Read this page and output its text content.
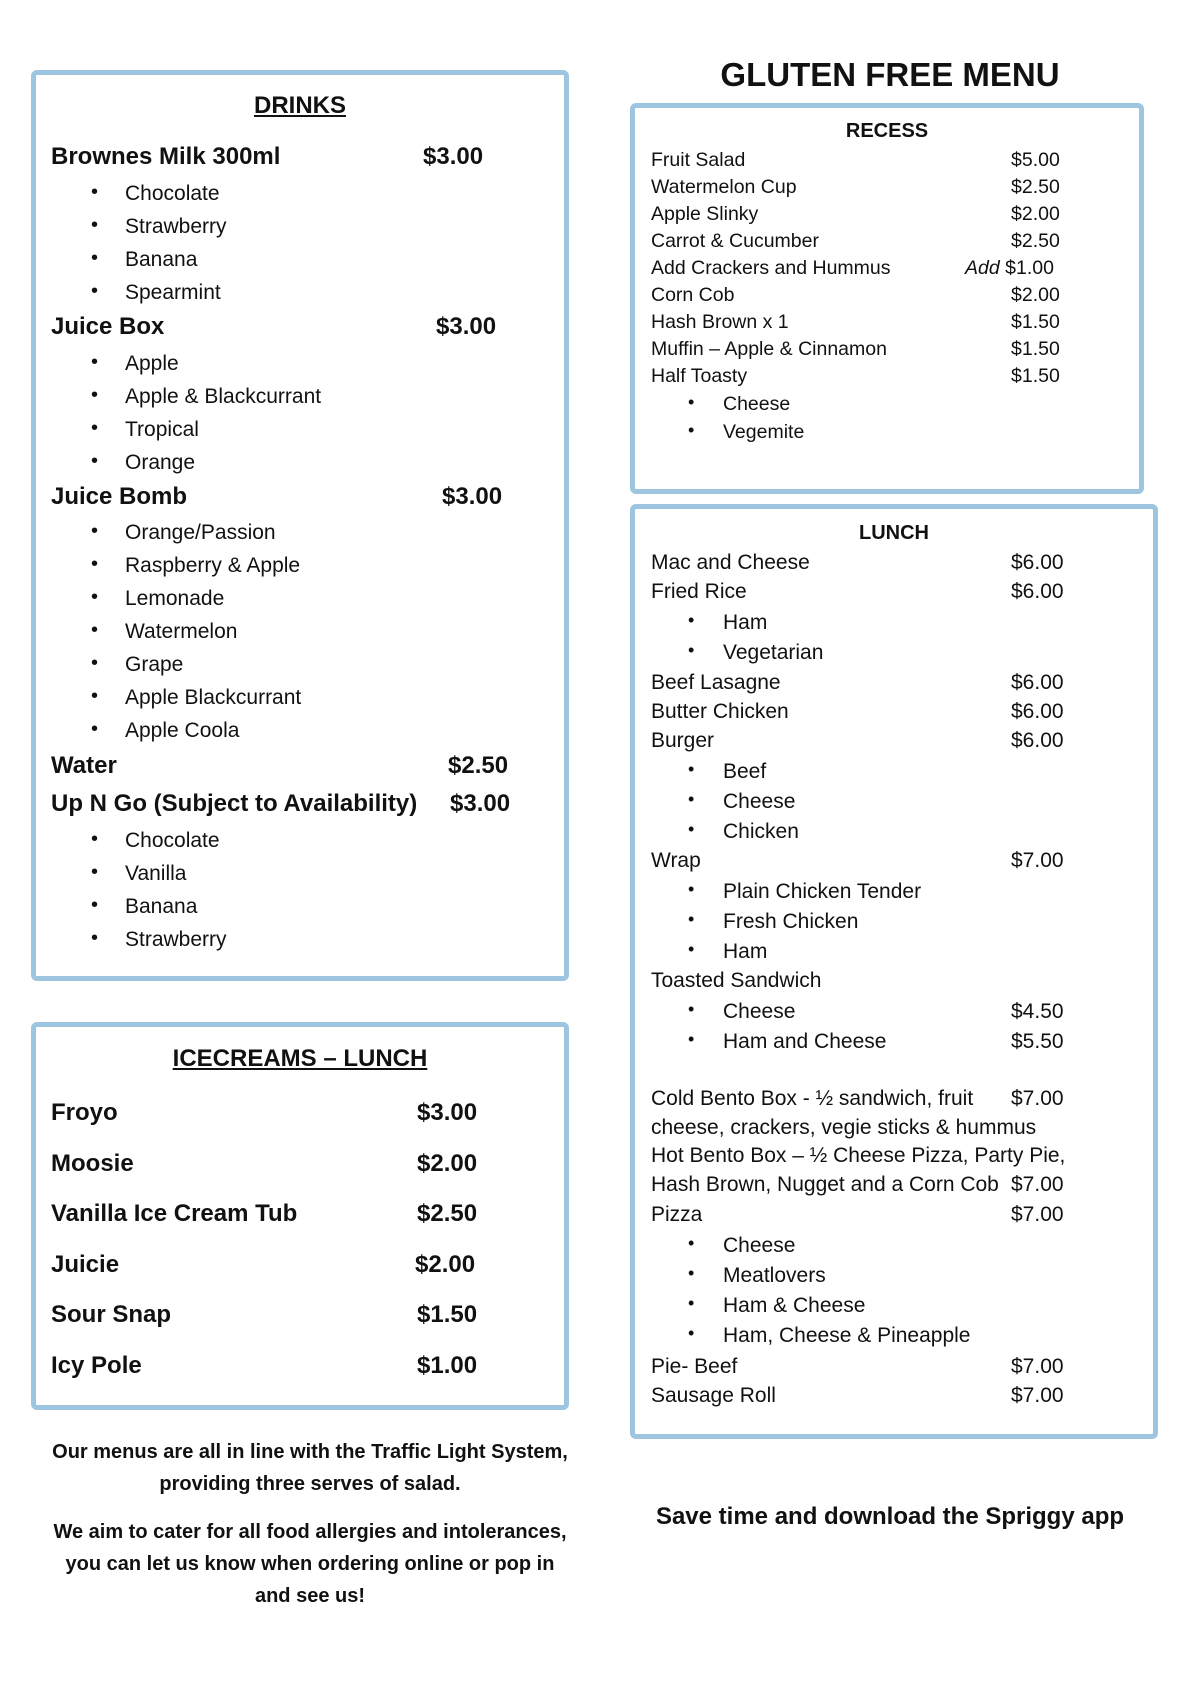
DRINKS
Brownes Milk 300ml	$3.00
• Chocolate
• Strawberry
• Banana
• Spearmint
Juice Box	$3.00
• Apple
• Apple & Blackcurrant
• Tropical
• Orange
Juice Bomb	$3.00
• Orange/Passion
• Raspberry & Apple
• Lemonade
• Watermelon
• Grape
• Apple Blackcurrant
• Apple Coola
Water	$2.50
Up N Go (Subject to Availability) $3.00
• Chocolate
• Vanilla
• Banana
• Strawberry
ICECREAMS – LUNCH
Froyo	$3.00
Moosie	$2.00
Vanilla Ice Cream Tub	$2.50
Juicie	$2.00
Sour Snap	$1.50
Icy Pole	$1.00
Our menus are all in line with the Traffic Light System,
providing three serves of salad.
We aim to cater for all food allergies and intolerances,
you can let us know when ordering online or pop in
and see us!
GLUTEN FREE MENU
RECESS
Fruit Salad	$5.00
Watermelon Cup	$2.50
Apple Slinky	$2.00
Carrot & Cucumber	$2.50
Add Crackers and Hummus	Add $1.00
Corn Cob	$2.00
Hash Brown x 1	$1.50
Muffin – Apple & Cinnamon	$1.50
Half Toasty	$1.50
• Cheese
• Vegemite
LUNCH
Mac and Cheese	$6.00
Fried Rice	$6.00
• Ham
• Vegetarian
Beef Lasagne	$6.00
Butter Chicken	$6.00
Burger	$6.00
• Beef
• Cheese
• Chicken
Wrap	$7.00
• Plain Chicken Tender
• Fresh Chicken
• Ham
Toasted Sandwich
• Cheese	$4.50
• Ham and Cheese	$5.50
Cold Bento Box - ½ sandwich, fruit $7.00
cheese, crackers, vegie sticks & hummus
Hot Bento Box – ½ Cheese Pizza, Party Pie,
Hash Brown, Nugget and a Corn Cob $7.00
Pizza	$7.00
• Cheese
• Meatlovers
• Ham & Cheese
• Ham, Cheese & Pineapple
Pie- Beef	$7.00
Sausage Roll	$7.00
Save time and download the Spriggy app
